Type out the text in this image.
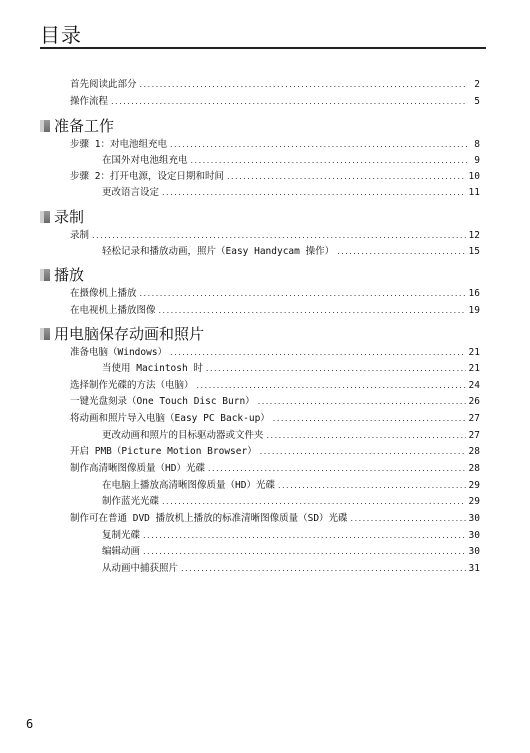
目录
首先阅读此部分 .....	2
操作流程 .....	5
准备工作
步骤 1：对电池组充电 .....	8
在国外对电池组充电 .....	9
步骤 2：打开电源，设定日期和时间 .....	10
更改语言设定 .....	11
录制
录制 .....	12
轻松记录和播放动画，照片（Easy Handycam 操作） .....	15
播放
在摄像机上播放 .....	16
在电视机上播放图像 .....	19
用电脑保存动画和照片
准备电脑（Windows） .....	21
当使用 Macintosh 时 .....	21
选择制作光碟的方法（电脑） .....	24
一键光盘刻录（One Touch Disc Burn） .....	26
将动画和照片导入电脑（Easy PC Back-up） .....	27
更改动画和照片的目标驱动器或文件夹 .....	27
开启 PMB（Picture Motion Browser） .....	28
制作高清晰图像质量（HD）光碟 .....	28
在电脑上播放高清晰图像质量（HD）光碟 .....	29
制作蓝光光碟 .....	29
制作可在普通 DVD 播放机上播放的标准清晰图像质量（SD）光碟 .....	30
复制光碟 .....	30
编辑动画 .....	30
从动画中捕获照片 .....	31
6
